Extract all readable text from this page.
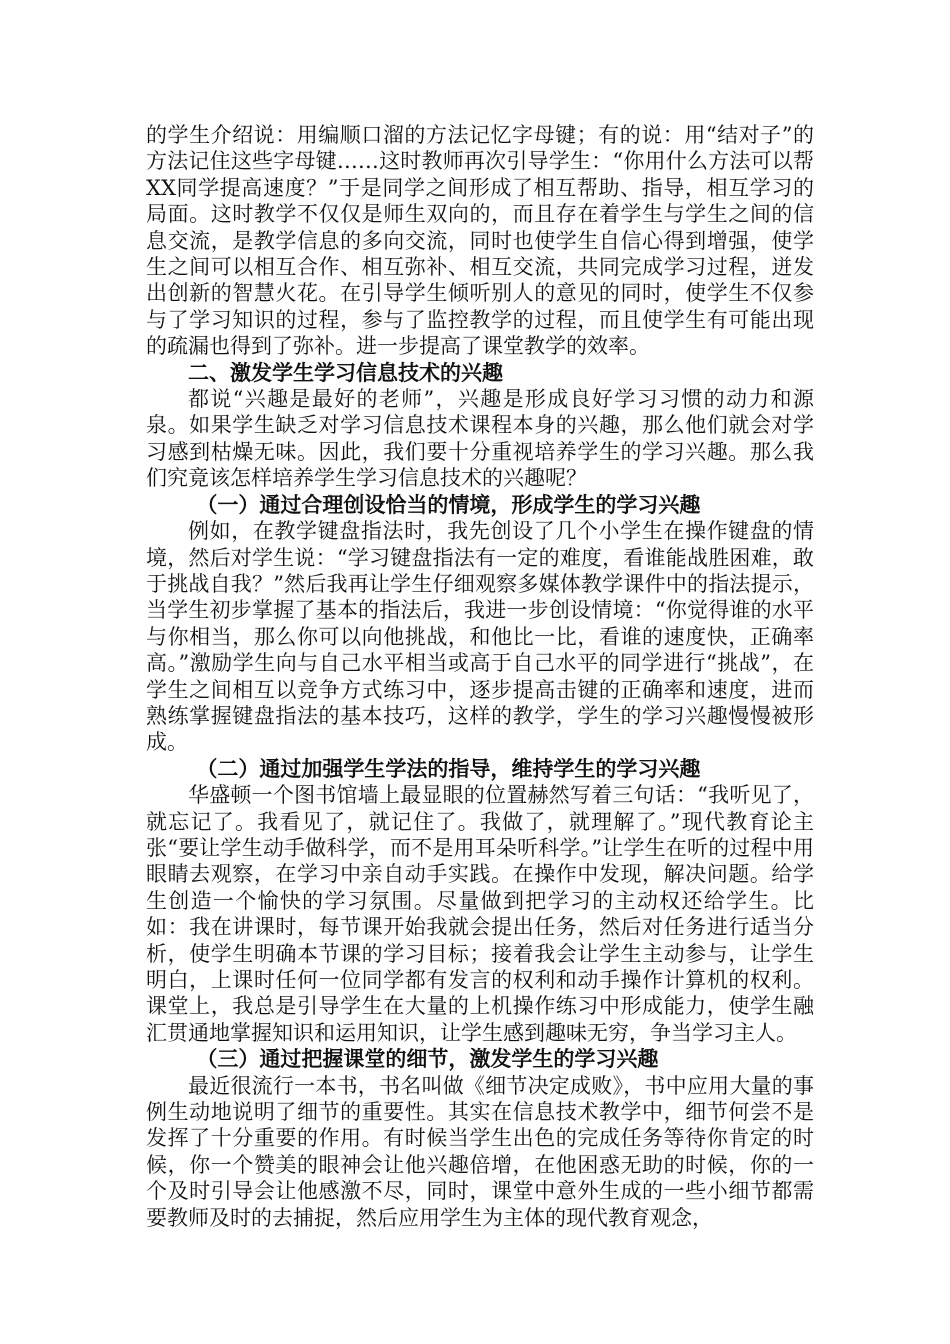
的学生介绍说：用编顺口溜的方法记忆字母键；有的说：用“结对子”的方法记住这些字母键……这时教师再次引导学生：“你用什么方法可以帮XX同学提高速度？”于是同学之间形成了相互帮助、指导，相互学习的局面。这时教学不仅仅是师生双向的，而且存在着学生与学生之间的信息交流，是教学信息的多向交流，同时也使学生自信心得到增强，使学生之间可以相互合作、相互弥补、相互交流，共同完成学习过程，迸发出创新的智慧火花。在引导学生倾听别人的意见的同时，使学生不仅参与了学习知识的过程，参与了监控教学的过程，而且使学生有可能出现的疏漏也得到了弥补。进一步提高了课堂教学的效率。

二、激发学生学习信息技术的兴趣

都说“兴趣是最好的老师”，兴趣是形成良好学习习惯的动力和源泉。如果学生缺乏对学习信息技术课程本身的兴趣，那么他们就会对学习感到枯燥无味。因此，我们要十分重视培养学生的学习兴趣。那么我们究竟该怎样培养学生学习信息技术的兴趣呢？

（一）通过合理创设恰当的情境，形成学生的学习兴趣

例如，在教学键盘指法时，我先创设了几个小学生在操作键盘的情境，然后对学生说：“学习键盘指法有一定的难度，看谁能战胜困难，敢于挑战自我？”然后我再让学生仔细观察多媒体教学课件中的指法提示，当学生初步掌握了基本的指法后，我进一步创设情境：“你觉得谁的水平与你相当，那么你可以向他挑战，和他比一比，看谁的速度快，正确率高。”激励学生向与自己水平相当或高于自己水平的同学进行“挑战”，在学生之间相互以竞争方式练习中，逐步提高击键的正确率和速度，进而熟练掌握键盘指法的基本技巧，这样的教学，学生的学习兴趣慢慢被形成。

（二）通过加强学生学法的指导，维持学生的学习兴趣

华盛顿一个图书馆墙上最显眼的位置赫然写着三句话：“我听见了，就忘记了。我看见了，就记住了。我做了，就理解了。”现代教育论主张“要让学生动手做科学，而不是用耳朵听科学。”让学生在听的过程中用眼睛去观察，在学习中亲自动手实践。在操作中发现，解决问题。给学生创造一个愉快的学习氛围。尽量做到把学习的主动权还给学生。比如：我在讲课时，每节课开始我就会提出任务，然后对任务进行适当分析，使学生明确本节课的学习目标；接着我会让学生主动参与，让学生明白，上课时任何一位同学都有发言的权利和动手操作计算机的权利。课堂上，我总是引导学生在大量的上机操作练习中形成能力，使学生融汇贯通地掌握知识和运用知识，让学生感到趣味无穷，争当学习主人。

（三）通过把握课堂的细节，激发学生的学习兴趣

最近很流行一本书，书名叫做《细节决定成败》，书中应用大量的事例生动地说明了细节的重要性。其实在信息技术教学中，细节何尝不是发挥了十分重要的作用。有时候当学生出色的完成任务等待你肯定的时候，你一个赞美的眼神会让他兴趣倍增，在他困惑无助的时候，你的一个及时引导会让他感激不尽，同时，课堂中意外生成的一些小细节都需要教师及时的去捕捉，然后应用学生为主体的现代教育观念，
